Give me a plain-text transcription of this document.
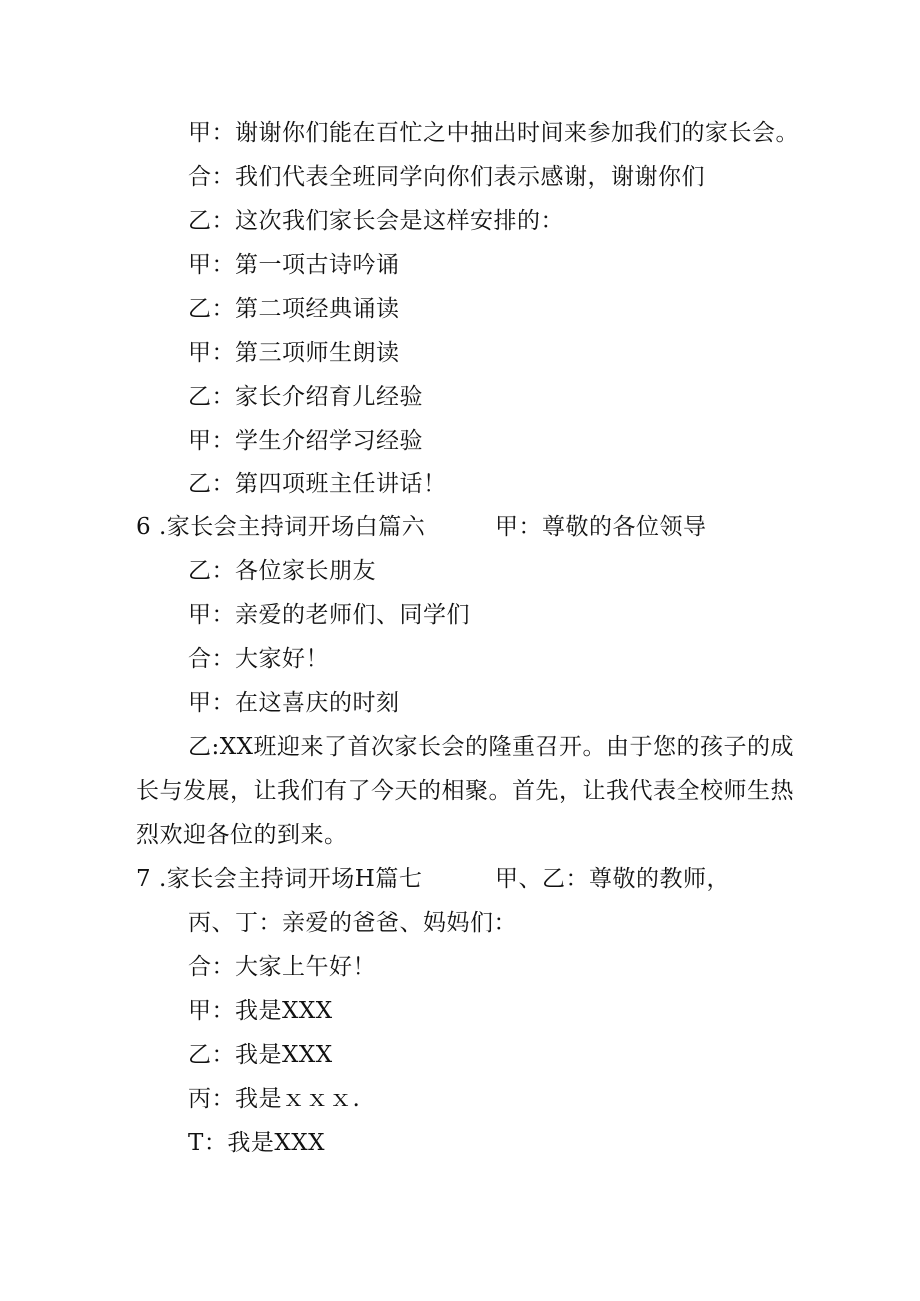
甲：谢谢你们能在百忙之中抽出时间来参加我们的家长会。
合：我们代表全班同学向你们表示感谢，谢谢你们
乙：这次我们家长会是这样安排的：
甲：第一项古诗吟诵
乙：第二项经典诵读
甲：第三项师生朗读
乙：家长介绍育儿经验
甲：学生介绍学习经验
乙：第四项班主任讲话！
6 .家长会主持词开场白篇六	甲：尊敬的各位领导
乙：各位家长朋友
甲：亲爱的老师们、同学们
合：大家好！
甲：在这喜庆的时刻
乙:XX班迎来了首次家长会的隆重召开。由于您的孩子的成
长与发展，让我们有了今天的相聚。首先，让我代表全校师生热
烈欢迎各位的到来。
7 .家长会主持词开场H篇七	甲、乙：尊敬的教师，
丙、丁：亲爱的爸爸、妈妈们：
合：大家上午好！
甲：我是XXX
乙：我是XXX
丙：我是ｘｘｘ.
T：我是XXX
